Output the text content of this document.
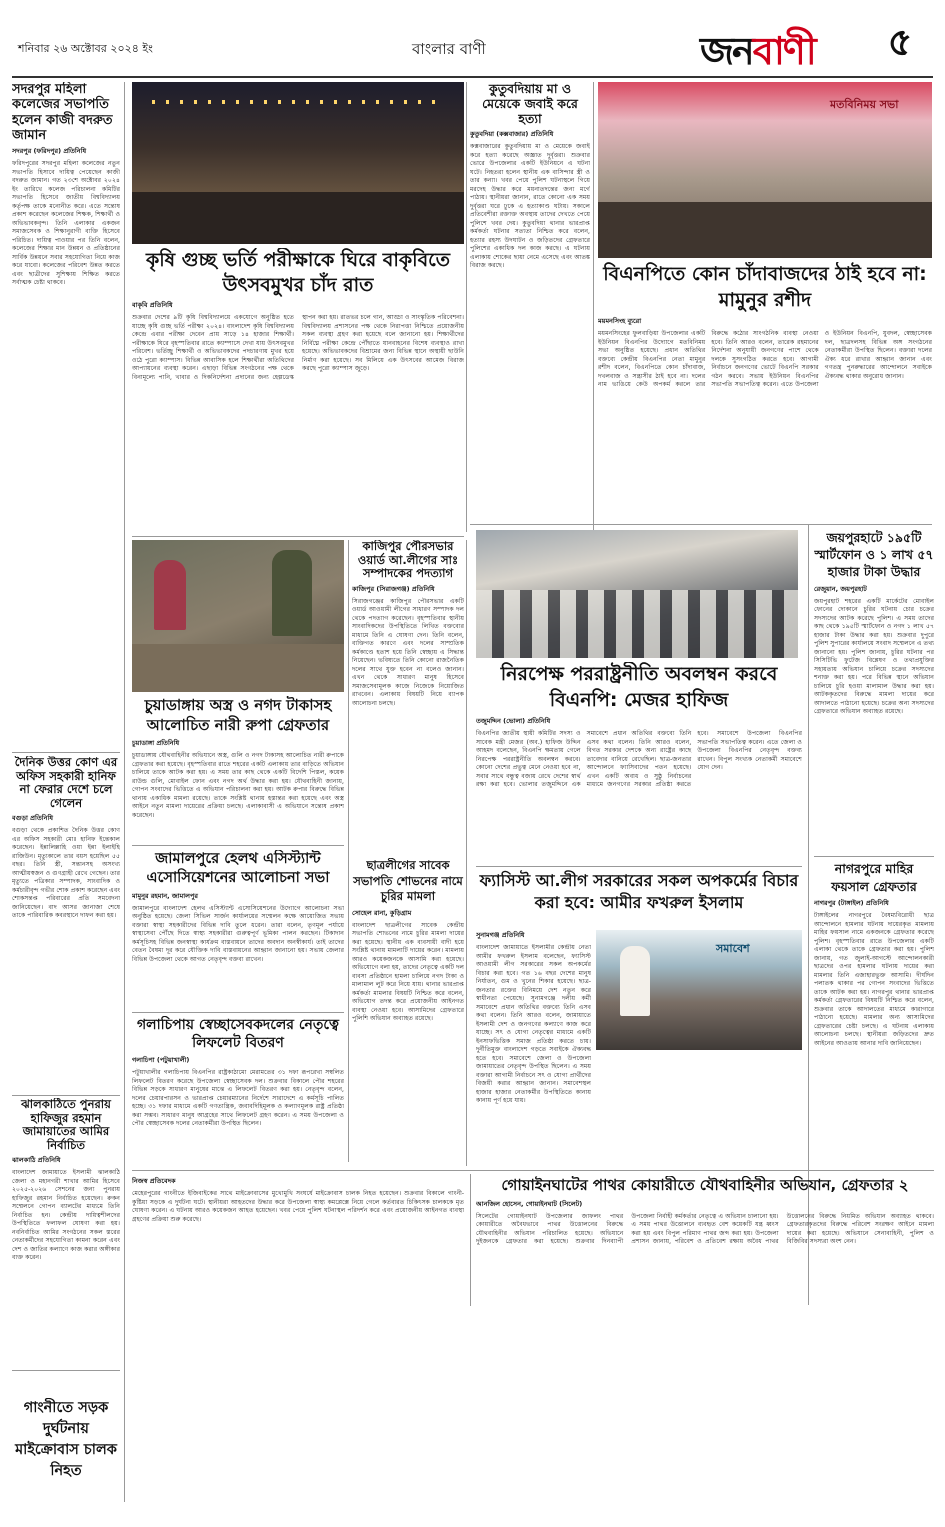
শনিবার ২৬ অক্টোবর ২০২৪ ইং	বাংলার বাণী	জনবাণী ৫
সদরপুর মহিলা কলেজের সভাপতি হলেন কাজী বদরুত জামান
সদরপুর (ফরিদপুর) প্রতিনিধি
ফরিদপুরের সদরপুর মহিলা কলেজের নতুন সভাপতি হিসাবে দায়িত্ব পেয়েছেন কাজী বদরুত জামান। গত ২৩শে অক্টোবর ২০২৪ ইং তারিখে কলেজ পরিচালনা কমিটির সভাপতি হিসেবে জাতীয় বিশ্ববিদ্যালয় কর্তৃপক্ষ তাকে মনোনীত করে। এতে সন্তোষ প্রকাশ করেছেন কলেজের শিক্ষক, শিক্ষার্থী ও অভিভাবকবৃন্দ। তিনি এলাকার একজন সমাজসেবক ও শিক্ষানুরাগী ব্যক্তি হিসেবে পরিচিত। দায়িত্ব পাওয়ার পর তিনি বলেন, কলেজের শিক্ষার মান উন্নয়ন ও প্রতিষ্ঠানের সার্বিক উন্নয়নে সবার সহযোগিতা নিয়ে কাজ করে যাবো। কলেজের পরিবেশ উন্নত করতে এবং ছাত্রীদের সুশিক্ষায় শিক্ষিত করতে সর্বাত্মক চেষ্টা থাকবে।
দৈনিক উত্তর কোণ এর অফিস সহকারী হানিফ না ফেরার দেশে চলে গেলেন
বগুড়া প্রতিনিধি
বগুড়া থেকে প্রকাশিত দৈনিক উত্তর কোণ এর অফিস সহকারী মোঃ হানিফ ইন্তেকাল করেছেন। ইন্নালিল্লাহি ওয়া ইন্না ইলাইহি রাজিউন। মৃত্যুকালে তার বয়স হয়েছিল ৫৫ বছর। তিনি স্ত্রী, সন্তানসহ অসংখ্য আত্মীয়স্বজন ও গুণগ্রাহী রেখে গেছেন। তার মৃত্যুতে পত্রিকার সম্পাদক, সাংবাদিক ও কর্মচারীবৃন্দ গভীর শোক প্রকাশ করেছেন এবং শোকসন্তপ্ত পরিবারের প্রতি সমবেদনা জানিয়েছেন। বাদ আসর জানাজা শেষে তাকে পারিবারিক কবরস্থানে দাফন করা হয়।
ঝালকাঠিতে পুনরায় হাফিজুর রহমান জামায়াতের আমির নির্বাচিত
ঝালকাঠি প্রতিনিধি
বাংলাদেশ জামায়াতে ইসলামী ঝালকাঠি জেলা ও মহানগরী শাখার আমির হিসেবে ২০২৫-২০২৬ সেশনের জন্য পুনরায় হাফিজুর রহমান নির্বাচিত হয়েছেন। রুকন সম্মেলনে গোপন ব্যালটের মাধ্যমে তিনি নির্বাচিত হন। কেন্দ্রীয় দায়িত্বশীলদের উপস্থিতিতে ফলাফল ঘোষণা করা হয়। নবনির্বাচিত আমির সংগঠনের সকল স্তরের নেতাকর্মীদের সহযোগিতা কামনা করেন এবং দেশ ও জাতির কল্যাণে কাজ করার অঙ্গীকার ব্যক্ত করেন।
গাংনীতে সড়ক দুর্ঘটনায় মাইক্রোবাস চালক নিহত
কৃষি গুচ্ছ ভর্তি পরীক্ষাকে ঘিরে বাকৃবিতে উৎসবমুখর চাঁদ রাত
বাকৃবি প্রতিনিধি
শুক্রবার দেশের ৯টি কৃষি বিশ্ববিদ্যালয়ে একযোগে অনুষ্ঠিত হতে যাচ্ছে কৃষি গুচ্ছ ভর্তি পরীক্ষা ২০২৪। বাংলাদেশ কৃষি বিশ্ববিদ্যালয় কেন্দ্রে এবার পরীক্ষা দেবেন প্রায় সাড়ে ১৪ হাজার শিক্ষার্থী। পরীক্ষাকে ঘিরে বৃহস্পতিবার রাতে ক্যাম্পাসে দেখা যায় উৎসবমুখর পরিবেশ। ভর্তিচ্ছু শিক্ষার্থী ও অভিভাবকদের পদচারণায় মুখর হয়ে ওঠে পুরো ক্যাম্পাস। বিভিন্ন আবাসিক হলে শিক্ষার্থীরা অতিথিদের আপ্যায়নের ব্যবস্থা করেন। এছাড়া বিভিন্ন সংগঠনের পক্ষ থেকে বিনামূল্যে পানি, খাবার ও দিকনির্দেশনা প্রদানের জন্য হেল্পডেস্ক স্থাপন করা হয়। রাতভর চলে গান, আড্ডা ও সাংস্কৃতিক পরিবেশনা। বিশ্ববিদ্যালয় প্রশাসনের পক্ষ থেকে নিরাপত্তা নিশ্চিতে প্রয়োজনীয় সকল ব্যবস্থা গ্রহণ করা হয়েছে বলে জানানো হয়। শিক্ষার্থীদের নির্বিঘ্নে পরীক্ষা কেন্দ্রে পৌঁছাতে যানবাহনের বিশেষ ব্যবস্থাও রাখা হয়েছে। অভিভাবকদের বিশ্রামের জন্য বিভিন্ন স্থানে অস্থায়ী ছাউনি নির্মাণ করা হয়েছে। সব মিলিয়ে এক উৎসবের আমেজ বিরাজ করছে পুরো ক্যাম্পাস জুড়ে।
কুতুবদিয়ায় মা ও মেয়েকে জবাই করে হত্যা
কুতুবদিয়া (কক্সবাজার) প্রতিনিধি
কক্সবাজারের কুতুবদিয়ায় মা ও মেয়েকে জবাই করে হত্যা করেছে অজ্ঞাত দুর্বৃত্তরা। শুক্রবার ভোরে উপজেলার একটি ইউনিয়নে এ ঘটনা ঘটে। নিহতরা হলেন স্থানীয় এক বাসিন্দার স্ত্রী ও তার কন্যা। খবর পেয়ে পুলিশ ঘটনাস্থলে গিয়ে মরদেহ উদ্ধার করে ময়নাতদন্তের জন্য মর্গে পাঠায়। স্থানীয়রা জানান, রাতে কোনো এক সময় দুর্বৃত্তরা ঘরে ঢুকে এ হত্যাকাণ্ড ঘটায়। সকালে প্রতিবেশীরা রক্তাক্ত অবস্থায় তাদের দেখতে পেয়ে পুলিশে খবর দেয়। কুতুবদিয়া থানার ভারপ্রাপ্ত কর্মকর্তা ঘটনার সত্যতা নিশ্চিত করে বলেন, হত্যার রহস্য উদঘাটন ও জড়িতদের গ্রেফতারে পুলিশের একাধিক দল কাজ করছে। এ ঘটনায় এলাকায় শোকের ছায়া নেমে এসেছে এবং আতঙ্ক বিরাজ করছে।
মতবিনিময় সভা
বিএনপিতে কোন চাঁদাবাজদের ঠাই হবে না: মামুনুর রশীদ
ময়মনসিংহ ব্যুরো
ময়মনসিংহের ফুলবাড়িয়া উপজেলার একটি ইউনিয়ন বিএনপির উদ্যোগে মতবিনিময় সভা অনুষ্ঠিত হয়েছে। প্রধান অতিথির বক্তব্যে কেন্দ্রীয় বিএনপির নেতা মামুনুর রশীদ বলেন, বিএনপিতে কোন চাঁদাবাজ, দখলবাজ ও সন্ত্রাসীর ঠাই হবে না। দলের নাম ভাঙিয়ে কেউ অপকর্ম করলে তার বিরুদ্ধে কঠোর সাংগঠনিক ব্যবস্থা নেওয়া হবে। তিনি আরও বলেন, তারেক রহমানের নির্দেশনা অনুযায়ী জনগণের পাশে থেকে দলকে সুসংগঠিত করতে হবে। আগামী নির্বাচনে জনগণের ভোটে বিএনপি সরকার গঠন করবে। সভায় ইউনিয়ন বিএনপির সভাপতি সভাপতিত্ব করেন। এতে উপজেলা ও ইউনিয়ন বিএনপি, যুবদল, স্বেচ্ছাসেবক দল, ছাত্রদলসহ বিভিন্ন অঙ্গ সংগঠনের নেতাকর্মীরা উপস্থিত ছিলেন। বক্তারা দলের ঐক্য ধরে রাখার আহ্বান জানান এবং গণতন্ত্র পুনরুদ্ধারের আন্দোলনে সবাইকে ঐক্যবদ্ধ থাকার অনুরোধ জানান।
চুয়াডাঙ্গায় অস্ত্র ও নগদ টাকাসহ আলোচিত নারী রুপা গ্রেফতার
চুয়াডাঙ্গা প্রতিনিধি
চুয়াডাঙ্গায় যৌথবাহিনীর অভিযানে অস্ত্র, গুলি ও নগদ টাকাসহ আলোচিত নারী রুপাকে গ্রেফতার করা হয়েছে। বৃহস্পতিবার রাতে শহরের একটি এলাকায় তার বাড়িতে অভিযান চালিয়ে তাকে আটক করা হয়। এ সময় তার কাছ থেকে একটি বিদেশি পিস্তল, কয়েক রাউন্ড গুলি, মোবাইল ফোন এবং নগদ অর্থ উদ্ধার করা হয়। যৌথবাহিনী জানায়, গোপন সংবাদের ভিত্তিতে এ অভিযান পরিচালনা করা হয়। আটক রুপার বিরুদ্ধে বিভিন্ন থানায় একাধিক মামলা রয়েছে। তাকে সংশ্লিষ্ট থানায় হস্তান্তর করা হয়েছে এবং অস্ত্র আইনে নতুন মামলা দায়েরের প্রক্রিয়া চলছে। এলাকাবাসী এ অভিযানে সন্তোষ প্রকাশ করেছেন।
কাজিপুর পৌরসভার ওয়ার্ড আ.লীগের সাঃ সম্পাদকের পদত্যাগ
কাজিপুর (সিরাজগঞ্জ) প্রতিনিধি
সিরাজগঞ্জের কাজিপুর পৌরসভার একটি ওয়ার্ড আওয়ামী লীগের সাধারণ সম্পাদক দল থেকে পদত্যাগ করেছেন। বৃহস্পতিবার স্থানীয় সাংবাদিকদের উপস্থিতিতে লিখিত বক্তব্যের মাধ্যমে তিনি এ ঘোষণা দেন। তিনি বলেন, ব্যক্তিগত কারণে এবং দলের সাম্প্রতিক কর্মকাণ্ডে হতাশ হয়ে তিনি স্বেচ্ছায় এ সিদ্ধান্ত নিয়েছেন। ভবিষ্যতে তিনি কোনো রাজনৈতিক দলের সাথে যুক্ত হবেন না বলেও জানান। এখন থেকে সাধারণ মানুষ হিসেবে সমাজসেবামূলক কাজে নিজেকে নিয়োজিত রাখবেন। এলাকায় বিষয়টি নিয়ে ব্যাপক আলোচনা চলছে।
জামালপুরে হেলথ এসিস্ট্যান্ট এসোসিয়েশনের আলোচনা সভা
মামুনুর রহমান, জামালপুর
জামালপুরে বাংলাদেশ হেলথ এসিস্ট্যান্ট এসোসিয়েশনের উদ্যোগে আলোচনা সভা অনুষ্ঠিত হয়েছে। জেলা সিভিল সার্জন কার্যালয়ের সম্মেলন কক্ষে আয়োজিত সভায় বক্তারা স্বাস্থ্য সহকারীদের বিভিন্ন দাবি তুলে ধরেন। তারা বলেন, তৃণমূল পর্যায়ে স্বাস্থ্যসেবা পৌঁছে দিতে স্বাস্থ্য সহকারীরা গুরুত্বপূর্ণ ভূমিকা পালন করছেন। টিকাদান কর্মসূচিসহ বিভিন্ন জনস্বাস্থ্য কার্যক্রম বাস্তবায়নে তাদের অবদান অনস্বীকার্য। তাই তাদের বেতন বৈষম্য দূর করে যৌক্তিক দাবি বাস্তবায়নের আহ্বান জানানো হয়। সভায় জেলার বিভিন্ন উপজেলা থেকে আগত নেতৃবৃন্দ বক্তব্য রাখেন।
গলাচিপায় স্বেচ্ছাসেবকদলের নেতৃত্বে লিফলেট বিতরণ
গলাচিপা (পটুয়াখালী)
পটুয়াখালীর গলাচিপায় বিএনপির রাষ্ট্রকাঠামো মেরামতের ৩১ দফা রূপরেখা সম্বলিত লিফলেট বিতরণ করেছে উপজেলা স্বেচ্ছাসেবক দল। শুক্রবার বিকালে পৌর শহরের বিভিন্ন সড়কে সাধারণ মানুষের মাঝে এ লিফলেট বিতরণ করা হয়। নেতৃবৃন্দ বলেন, দলের চেয়ারপারসন ও ভারপ্রাপ্ত চেয়ারম্যানের নির্দেশে সারাদেশে এ কর্মসূচি পালিত হচ্ছে। ৩১ দফার মাধ্যমে একটি গণতান্ত্রিক, জবাবদিহিমূলক ও কল্যাণমূলক রাষ্ট্র প্রতিষ্ঠা করা সম্ভব। সাধারণ মানুষ আগ্রহের সাথে লিফলেট গ্রহণ করেন। এ সময় উপজেলা ও পৌর স্বেচ্ছাসেবক দলের নেতাকর্মীরা উপস্থিত ছিলেন।
ছাত্রলীগের সাবেক সভাপতি শোভনের নামে চুরির মামলা
সোহেল রানা, কুড়িগ্রাম
বাংলাদেশ ছাত্রলীগের সাবেক কেন্দ্রীয় সভাপতি শোভনের নামে চুরির মামলা দায়ের করা হয়েছে। স্থানীয় এক ব্যবসায়ী বাদী হয়ে সংশ্লিষ্ট থানায় মামলাটি দায়ের করেন। মামলায় আরও কয়েকজনকে আসামি করা হয়েছে। অভিযোগে বলা হয়, তাদের নেতৃত্বে একটি দল ব্যবসা প্রতিষ্ঠানে হামলা চালিয়ে নগদ টাকা ও মালামাল লুট করে নিয়ে যায়। থানার ভারপ্রাপ্ত কর্মকর্তা মামলার বিষয়টি নিশ্চিত করে বলেন, অভিযোগ তদন্ত করে প্রয়োজনীয় আইনগত ব্যবস্থা নেওয়া হবে। আসামিদের গ্রেফতারে পুলিশি অভিযান অব্যাহত রয়েছে।
নিরপেক্ষ পররাষ্ট্রনীতি অবলম্বন করবে বিএনপি: মেজর হাফিজ
তজুমদ্দিন (ভোলা) প্রতিনিধি
বিএনপির জাতীয় স্থায়ী কমিটির সদস্য ও সাবেক মন্ত্রী মেজর (অব.) হাফিজ উদ্দিন আহমদ বলেছেন, বিএনপি ক্ষমতায় গেলে নিরপেক্ষ পররাষ্ট্রনীতি অবলম্বন করবে। কোনো দেশের প্রভুত্ব মেনে নেওয়া হবে না, সবার সাথে বন্ধুত্ব বজায় রেখে দেশের স্বার্থ রক্ষা করা হবে। ভোলার তজুমদ্দিনে এক সমাবেশে প্রধান অতিথির বক্তব্যে তিনি এসব কথা বলেন। তিনি আরও বলেন, বিগত সরকার দেশকে অন্য রাষ্ট্রের কাছে তাবেদার বানিয়ে রেখেছিল। ছাত্র-জনতার আন্দোলনে ফ্যাসিবাদের পতন হয়েছে। এখন একটি অবাধ ও সুষ্ঠু নির্বাচনের মাধ্যমে জনগণের সরকার প্রতিষ্ঠা করতে হবে। সমাবেশে উপজেলা বিএনপির সভাপতি সভাপতিত্ব করেন। এতে জেলা ও উপজেলা বিএনপির নেতৃবৃন্দ বক্তব্য রাখেন। বিপুল সংখ্যক নেতাকর্মী সমাবেশে যোগ দেন।
জয়পুরহাটে ১৯৫টি স্মার্টফোন ও ১ লাখ ৫৭ হাজার টাকা উদ্ধার
রেজুয়ান, জয়পুরহাট
জয়পুরহাট শহরের একটি মার্কেটের মোবাইল ফোনের দোকানে চুরির ঘটনায় চোর চক্রের সদস্যদের আটক করেছে পুলিশ। এ সময় তাদের কাছ থেকে ১৯৫টি স্মার্টফোন ও নগদ ১ লাখ ৫৭ হাজার টাকা উদ্ধার করা হয়। শুক্রবার দুপুরে পুলিশ সুপারের কার্যালয়ে সংবাদ সম্মেলনে এ তথ্য জানানো হয়। পুলিশ জানায়, চুরির ঘটনার পর সিসিটিভি ফুটেজ বিশ্লেষণ ও তথ্যপ্রযুক্তির সহায়তায় অভিযান চালিয়ে চক্রের সদস্যদের শনাক্ত করা হয়। পরে বিভিন্ন স্থানে অভিযান চালিয়ে চুরি হওয়া মালামাল উদ্ধার করা হয়। আটককৃতদের বিরুদ্ধে মামলা দায়ের করে আদালতে পাঠানো হয়েছে। চক্রের অন্য সদস্যদের গ্রেফতারে অভিযান অব্যাহত রয়েছে।
ফ্যাসিস্ট আ.লীগ সরকারের সকল অপকর্মের বিচার করা হবে: আমীর ফখরুল ইসলাম
সুনামগঞ্জ প্রতিনিধি
বাংলাদেশ জামায়াতে ইসলামীর কেন্দ্রীয় নেতা আমীর ফখরুল ইসলাম বলেছেন, ফ্যাসিস্ট আওয়ামী লীগ সরকারের সকল অপকর্মের বিচার করা হবে। গত ১৬ বছর দেশের মানুষ নির্যাতন, গুম ও খুনের শিকার হয়েছে। ছাত্র-জনতার রক্তের বিনিময়ে দেশ নতুন করে স্বাধীনতা পেয়েছে। সুনামগঞ্জে দলীয় কর্মী সমাবেশে প্রধান অতিথির বক্তব্যে তিনি এসব কথা বলেন। তিনি আরও বলেন, জামায়াতে ইসলামী দেশ ও জনগণের কল্যাণে কাজ করে যাচ্ছে। সৎ ও যোগ্য নেতৃত্বের মাধ্যমে একটি ইনসাফভিত্তিক সমাজ প্রতিষ্ঠা করতে চায়। দুর্নীতিমুক্ত বাংলাদেশ গড়তে সবাইকে ঐক্যবদ্ধ হতে হবে। সমাবেশে জেলা ও উপজেলা জামায়াতের নেতৃবৃন্দ উপস্থিত ছিলেন। এ সময় বক্তারা আগামী নির্বাচনে সৎ ও যোগ্য প্রার্থীদের বিজয়ী করার আহ্বান জানান। সমাবেশস্থল হাজার হাজার নেতাকর্মীর উপস্থিতিতে কানায় কানায় পূর্ণ হয়ে যায়।
সমাবেশ
নাগরপুরে মাহির ফয়সাল গ্রেফতার
নাগরপুর (টাঙ্গাইল) প্রতিনিধি
টাঙ্গাইলের নাগরপুরে বৈষম্যবিরোধী ছাত্র আন্দোলনে হামলার ঘটনায় দায়েরকৃত মামলায় মাহির ফয়সাল নামে একজনকে গ্রেফতার করেছে পুলিশ। বৃহস্পতিবার রাতে উপজেলার একটি এলাকা থেকে তাকে গ্রেফতার করা হয়। পুলিশ জানায়, গত জুলাই-আগস্টে আন্দোলনকারী ছাত্রদের ওপর হামলার ঘটনায় দায়ের করা মামলার তিনি এজাহারভুক্ত আসামি। দীর্ঘদিন পলাতক থাকার পর গোপন সংবাদের ভিত্তিতে তাকে আটক করা হয়। নাগরপুর থানার ভারপ্রাপ্ত কর্মকর্তা গ্রেফতারের বিষয়টি নিশ্চিত করে বলেন, শুক্রবার তাকে আদালতের মাধ্যমে কারাগারে পাঠানো হয়েছে। মামলার অন্য আসামিদের গ্রেফতারের চেষ্টা চলছে। এ ঘটনায় এলাকায় আলোচনা চলছে। স্থানীয়রা জড়িতদের দ্রুত আইনের আওতায় আনার দাবি জানিয়েছেন।
নিজস্ব প্রতিবেদক
মেহেরপুরের গাংনীতে ইজিবাইকের সাথে মাইক্রোবাসের মুখোমুখি সংঘর্ষে মাইক্রোবাস চালক নিহত হয়েছেন। শুক্রবার বিকালে গাংনী-কুষ্টিয়া সড়কে এ দুর্ঘটনা ঘটে। স্থানীয়রা আহতদের উদ্ধার করে উপজেলা স্বাস্থ্য কমপ্লেক্সে নিয়ে গেলে কর্তব্যরত চিকিৎসক চালককে মৃত ঘোষণা করেন। এ ঘটনায় আরও কয়েকজন আহত হয়েছেন। খবর পেয়ে পুলিশ ঘটনাস্থল পরিদর্শন করে এবং প্রয়োজনীয় আইনগত ব্যবস্থা গ্রহণের প্রক্রিয়া শুরু করেছে।
গোয়াইনঘাটের পাথর কোয়ারীতে যৌথবাহিনীর অভিযান, গ্রেফতার ২
আনজিল হোসেন, গোয়াইনঘাট (সিলেট)
সিলেটের গোয়াইনঘাট উপজেলার জাফলং পাথর কোয়ারীতে অবৈধভাবে পাথর উত্তোলনের বিরুদ্ধে যৌথবাহিনীর অভিযান পরিচালিত হয়েছে। অভিযানে দুইজনকে গ্রেফতার করা হয়েছে। শুক্রবার দিনব্যাপী উপজেলা নির্বাহী কর্মকর্তার নেতৃত্বে এ অভিযান চালানো হয়। এ সময় পাথর উত্তোলনে ব্যবহৃত বেশ কয়েকটি যন্ত্র ধ্বংস করা হয় এবং বিপুল পরিমাণ পাথর জব্দ করা হয়। উপজেলা প্রশাসন জানায়, পরিবেশ ও প্রতিবেশ রক্ষায় অবৈধ পাথর উত্তোলনের বিরুদ্ধে নিয়মিত অভিযান অব্যাহত থাকবে। গ্রেফতারকৃতদের বিরুদ্ধে পরিবেশ সংরক্ষণ আইনে মামলা দায়ের করা হয়েছে। অভিযানে সেনাবাহিনী, পুলিশ ও বিজিবির সদস্যরা অংশ নেন।
